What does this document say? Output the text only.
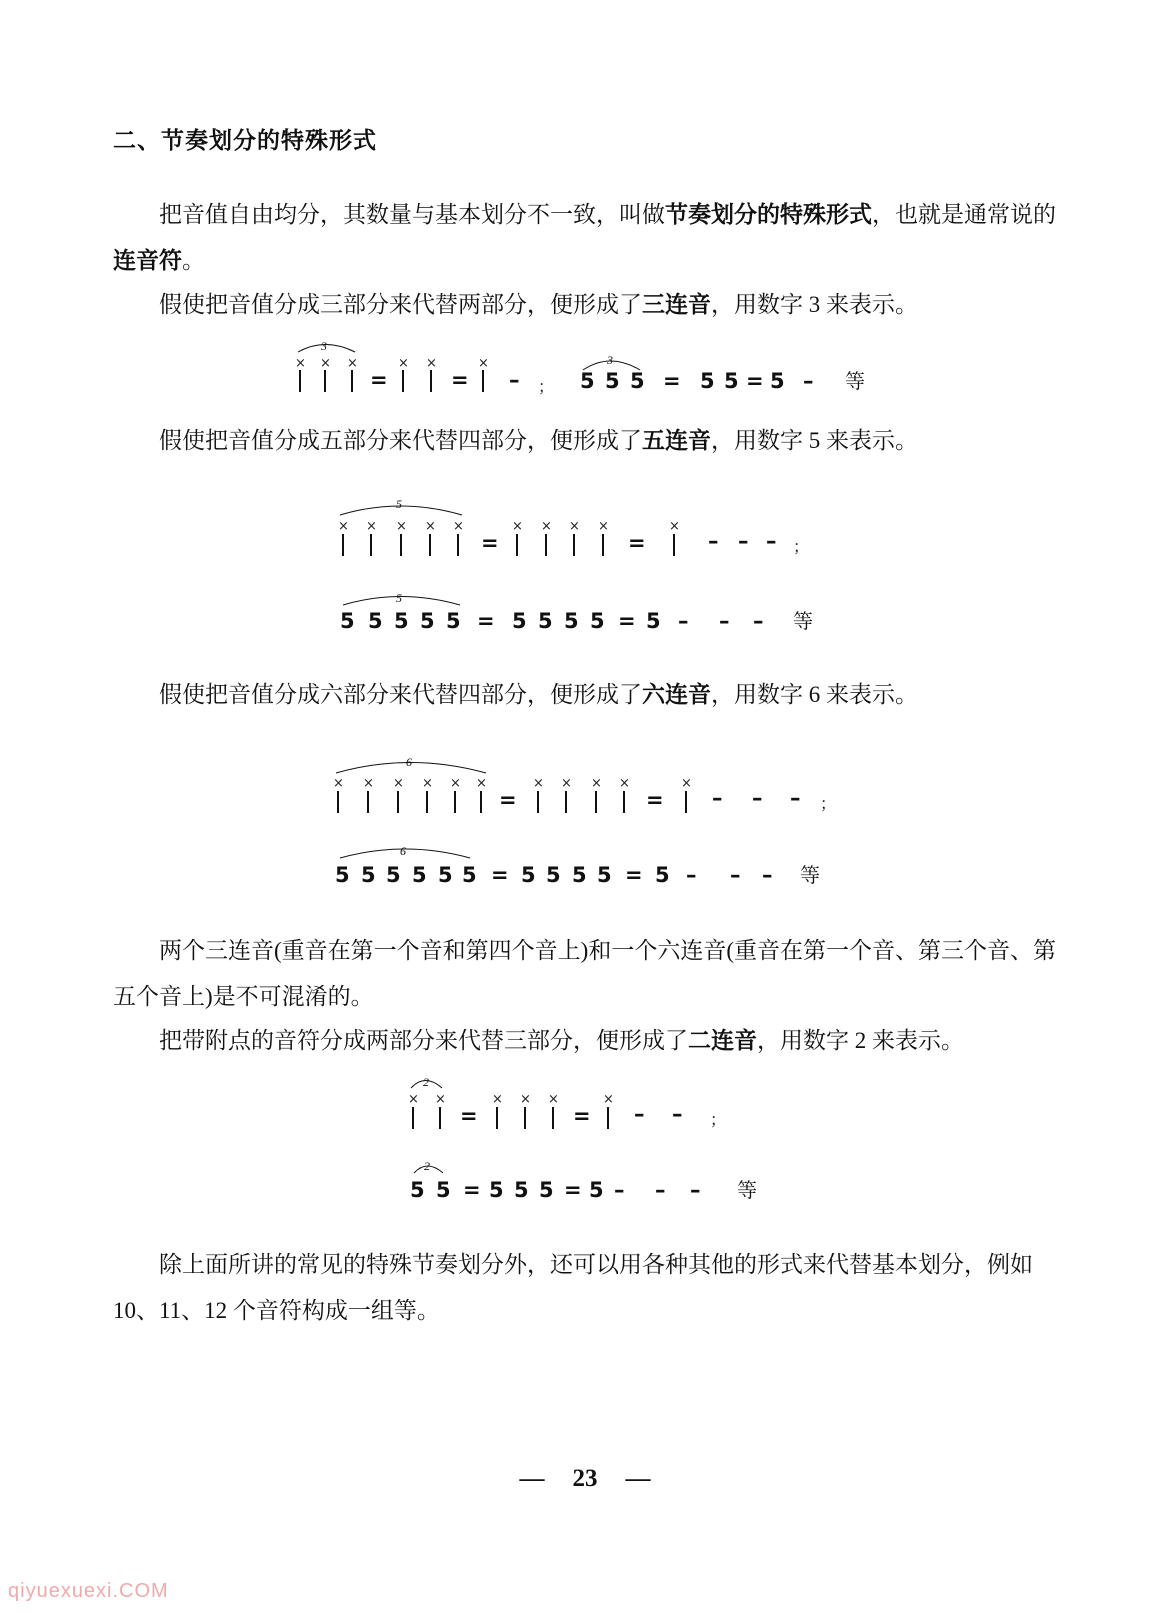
二、节奏划分的特殊形式
把音值自由均分，其数量与基本划分不一致，叫做节奏划分的特殊形式，也就是通常说的连音符。
假使把音值分成三部分来代替两部分，便形成了三连音，用数字 3 来表示。
假使把音值分成五部分来代替四部分，便形成了五连音，用数字 5 来表示。
假使把音值分成六部分来代替四部分，便形成了六连音，用数字 6 来表示。
两个三连音(重音在第一个音和第四个音上)和一个六连音(重音在第一个音、第三个音、第五个音上)是不可混淆的。
把带附点的音符分成两部分来代替三部分，便形成了二连音，用数字 2 来表示。
除上面所讲的常见的特殊节奏划分外，还可以用各种其他的形式来代替基本划分，例如 10、11、12 个音符构成一组等。
3
× × ×	× ×	×
=	= – ；
3
5 5 5 = 5 5 = 5 – 等
5
× × × × ×	× × × ×	×
=	=	– – – ；
5
5 5 5 5 5 = 5 5 5 5 = 5 – – – 等
6
× × × × × ×	× × × ×	×
=	= – – – ；
6
5 5 5 5 5 5 = 5 5 5 5 = 5 – – – 等
2
× ×	× × ×	×
=	= – – ；
2
5 5 = 5 5 5 = 5 – – – 等
— 23 —
qiyuexuexi.COM
